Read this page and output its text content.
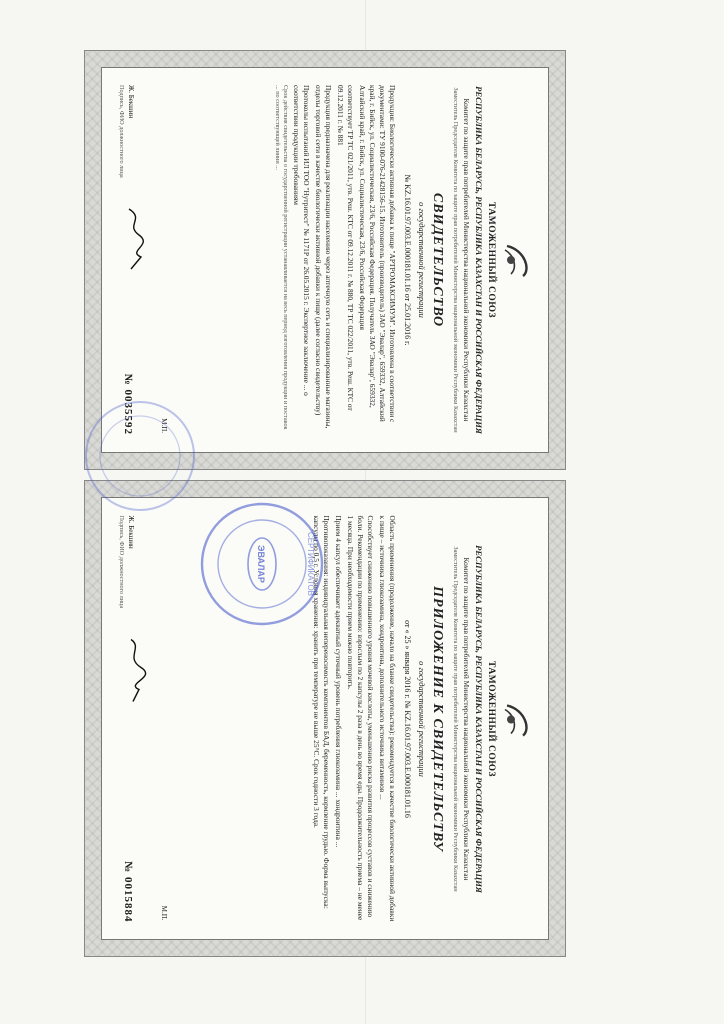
ТАМОЖЕННЫЙ СОЮЗ
РЕСПУБЛИКА БЕЛАРУСЬ, РЕСПУБЛИКА КАЗАХСТАН И РОССИЙСКАЯ ФЕДЕРАЦИЯ
Комитет по защите прав потребителей Министерства национальной экономики Республики Казахстан
Заместитель Председателя Комитета по защите прав потребителей Министерства национальной экономики Республики Казахстан
СВИДЕТЕЛЬСТВО
о государственной регистрации
№ KZ.16.01.97.003.E.000181.01.16 от 25.01.2016 г.
Продукция: Биологически активная добавка к пище "АРТРОМАКСИМУМ". Изготовлена в соответствии с документами: ТУ 9100-076-21428156-15. Изготовитель (производитель) ЗАО "Эвалар", 659332, Алтайский край, г. Бийск, ул. Социалистическая, 23/6, Российская Федерация. Получатель ЗАО "Эвалар", 659332, Алтайский край, г. Бийск, ул. Социалистическая, 23/6, Российская Федерация
соответствует ТР ТС 021/2011, утв. Реш. КТС от 09.12.2011 г. № 880, ТР ТС 022/2011, утв. Реш. КТС от 09.12.2011 г. № 881
Продукция предназначена для реализации населению через аптечную сеть и специализированные магазины, отделы торговой сети в качестве биологически активной добавки к пище (далее согласно свидетельству)
Протоколы испытаний ИЛ ТОО "Нутритест" № 1171Р от 26.05.2015 г. Экспертное заключение ... о соответствии продукции требованиям
Срок действия свидетельства о государственной регистрации устанавливается на весь период изготовления продукции и поставок ... по соответствующей линии ...
М.П.
№ 0035592
Ж. Бекшин
Подпись, ФИО должностного лица
ТАМОЖЕННЫЙ СОЮЗ
РЕСПУБЛИКА БЕЛАРУСЬ, РЕСПУБЛИКА КАЗАХСТАН И РОССИЙСКАЯ ФЕДЕРАЦИЯ
Комитет по защите прав потребителей Министерства национальной экономики Республики Казахстан
Заместитель Председателя Комитета по защите прав потребителей Министерства национальной экономики Республики Казахстан
ПРИЛОЖЕНИЕ К СВИДЕТЕЛЬСТВУ
о государственной регистрации
от « 25 » января 2016 г. № KZ.16.01.97.003.E.000181.01.16
Область применения (продолжение, начало на бланке свидетельства): рекомендуется в качестве биологически активной добавки к пище – источника глюкозамина, хондроитина, дополнительного источника витаминов ...
Способствует снижению повышенного уровня мочевой кислоты, уменьшению риска развития процессов суставов и снижению боли. Рекомендации по применению: взрослым по 2 капсулы 2 раза в день во время еды. Продолжительность приема – не менее 1 месяца. При необходимости прием можно повторить.
Прием 4 капсул обеспечивает адекватный суточный уровень потребления глюкозамина ... хондроитина ...
Противопоказания: индивидуальная непереносимость компонентов БАД, беременность, кормление грудью. Форма выпуска: капсулы по 0,5 г. Условия хранения: хранить при температуре не выше 25°С. Срок годности 3 года.
М.П.
№ 0015884
Ж. Бекшин
Подпись, ФИО должностного лица	ЭВАЛАР	СЕРТИФИКАТОВ
